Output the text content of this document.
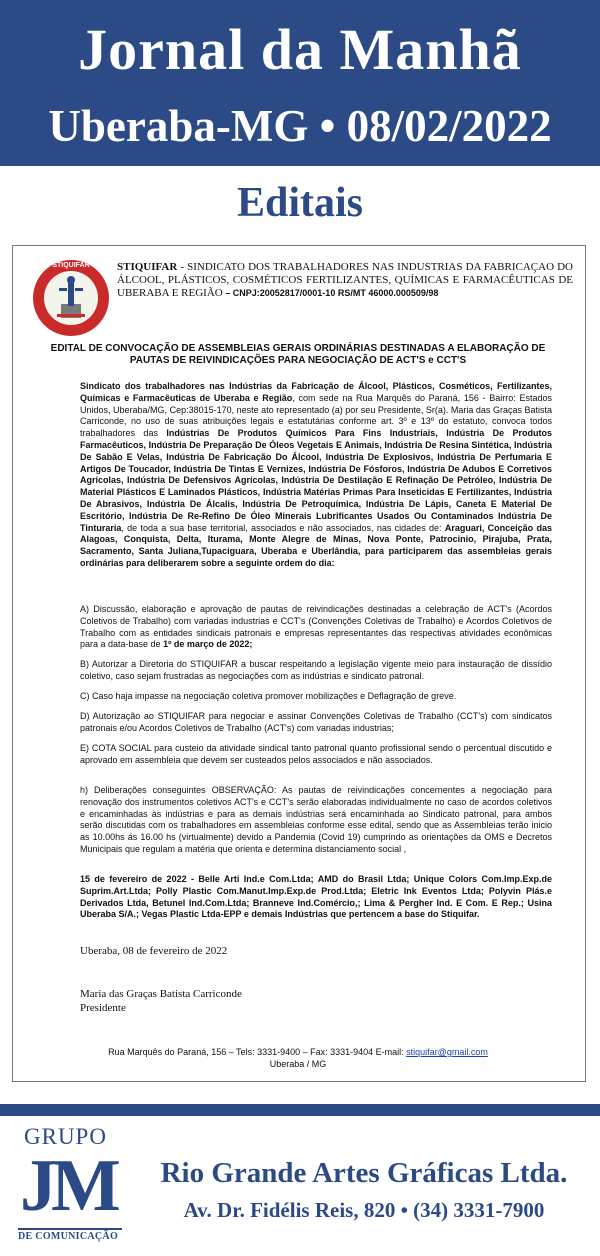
Jornal da Manhã
Uberaba-MG • 08/02/2022
Editais
STIQUIFAR	STIQUIFAR - SINDICATO DOS TRABALHADORES NAS INDUSTRIAS DA FABRICAÇAO DO ÁLCOOL, PLÁSTICOS, COSMÉTICOS FERTILIZANTES, QUÍMICAS E FARMACÊUTICAS DE UBERABA E REGIÃO – CNPJ:20052817/0001-10 RS/MT 46000.000509/98
EDITAL DE CONVOCAÇÃO DE ASSEMBLEIAS GERAIS ORDINÁRIAS DESTINADAS A ELABORAÇÃO DE PAUTAS DE REIVINDICAÇÕES PARA NEGOCIAÇÃO DE ACT'S e CCT'S
Sindicato dos trabalhadores nas Indústrias da Fabricação de Álcool, Plásticos, Cosméticos, Fertilizantes, Químicas e Farmacêuticas de Uberaba e Região, com sede na Rua Marquês do Paraná, 156 - Bairro: Estados Unidos, Uberaba/MG, Cep:38015-170, neste ato representado (a) por seu Presidente, Sr(a). Maria das Graças Batista Carriconde, no uso de suas atribuições legais e estatutárias conforme art. 3º e 13º do estatuto, convoca todos trabalhadores das Indústrias De Produtos Químicos Para Fins Industriais, Indústria De Produtos Farmacêuticos, Indústria De Preparação De Óleos Vegetais E Animais, Indústria De Resina Sintética, Indústria De Sabão E Velas, Indústria De Fabricação Do Álcool, Indústria De Explosivos, Indústria De Perfumaria E Artigos De Toucador, Indústria De Tintas E Vernizes, Indústria De Fósforos, Indústria De Adubos E Corretivos Agrícolas, Indústria De Defensivos Agrícolas, Indústria De Destilação E Refinação De Petróleo, Indústria De Material Plásticos E Laminados Plásticos, Indústria Matérias Primas Para Inseticidas E Fertilizantes, Indústria De Abrasivos, Indústria De Álcalis, Indústria De Petroquímica, Indústria De Lápis, Caneta E Material De Escritório, Indústria De Re-Refino De Óleo Minerais Lubrificantes Usados Ou Contaminados Indústria De Tinturaria, de toda a sua base territorial, associados e não associados, nas cidades de: Araguari, Conceição das Alagoas, Conquista, Delta, Iturama, Monte Alegre de Minas, Nova Ponte, Patrocinio, Pirajuba, Prata, Sacramento, Santa Juliana,Tupaciguara, Uberaba e Uberlândia, para participarem das assembleias gerais ordinárias para deliberarem sobre a seguinte ordem do dia:
A) Discussão, elaboração e aprovação de pautas de reivindicações destinadas a celebração de ACT's (Acordos Coletivos de Trabalho) com variadas industrias e CCT's (Convenções Coletivas de Trabalho) e Acordos Coletivos de Trabalho com as entidades sindicais patronais e empresas representantes das respectivas atividades econômicas para a data-base de 1º de março de 2022;
B) Autorizar a Diretoria do STIQUIFAR a buscar respeitando a legislação vigente meio para instauração de dissídio coletivo, caso sejam frustradas as negociações com as indústrias e sindicato patronal.
C) Caso haja impasse na negociação coletiva promover mobilizações e Deflagração de greve.
D) Autorização ao STIQUIFAR para negociar e assinar Convenções Coletivas de Trabalho (CCT's) com sindicatos patronais e/ou Acordos Coletivos de Trabalho (ACT's) com variadas industrias;
E) COTA SOCIAL para custeio da atividade sindical tanto patronal quanto profissional sendo o percentual discutido e aprovado em assembleia que devem ser custeados pelos associados e não associados.
h) Deliberações conseguintes OBSERVAÇÃO: As pautas de reivindicações concernentes a negociação para renovação dos instrumentos coletivos ACT's e CCT's serão elaboradas individualmente no caso de acordos coletivos e encaminhadas às indústrias e para as demais indústrias será encaminhada ao Sindicato patronal, para ambos serão discutidas com os trabalhadores em assembleias conforme esse edital, sendo que as Assembleias terão inicio as 10.00hs ás 16.00 hs (virtualmente) devido a Pandemia (Covid 19) cumprindo as orientações da OMS e Decretos Municipais que regulam a matéria que orienta e determina distanciamento social ,
15 de fevereiro de 2022 - Belle Arti Ind.e Com.Ltda; AMD do Brasil Ltda; Unique Colors Com.Imp.Exp.de Suprim.Art.Ltda; Polly Plastic Com.Manut.Imp.Exp.de Prod.Ltda; Eletric Ink Eventos Ltda; Polyvin Plás.e Derivados Ltda, Betunel Ind.Com.Ltda; Branneve Ind.Comércio,; Lima & Pergher Ind. E Com. E Rep.; Usina Uberaba S/A.; Vegas Plastic Ltda-EPP e demais Indústrias que pertencem a base do Stiquifar.
Uberaba, 08 de fevereiro de 2022
Maria das Graças Batista Carriconde
Presidente
Rua Marquês do Paraná, 156 – Tels: 3331-9400 – Fax: 3331-9404 E-mail: stiquifar@gmail.com
Uberaba / MG
GRUPO
JM
DE COMUNICAÇÃO
Rio Grande Artes Gráficas Ltda.
Av. Dr. Fidélis Reis, 820 • (34) 3331-7900
